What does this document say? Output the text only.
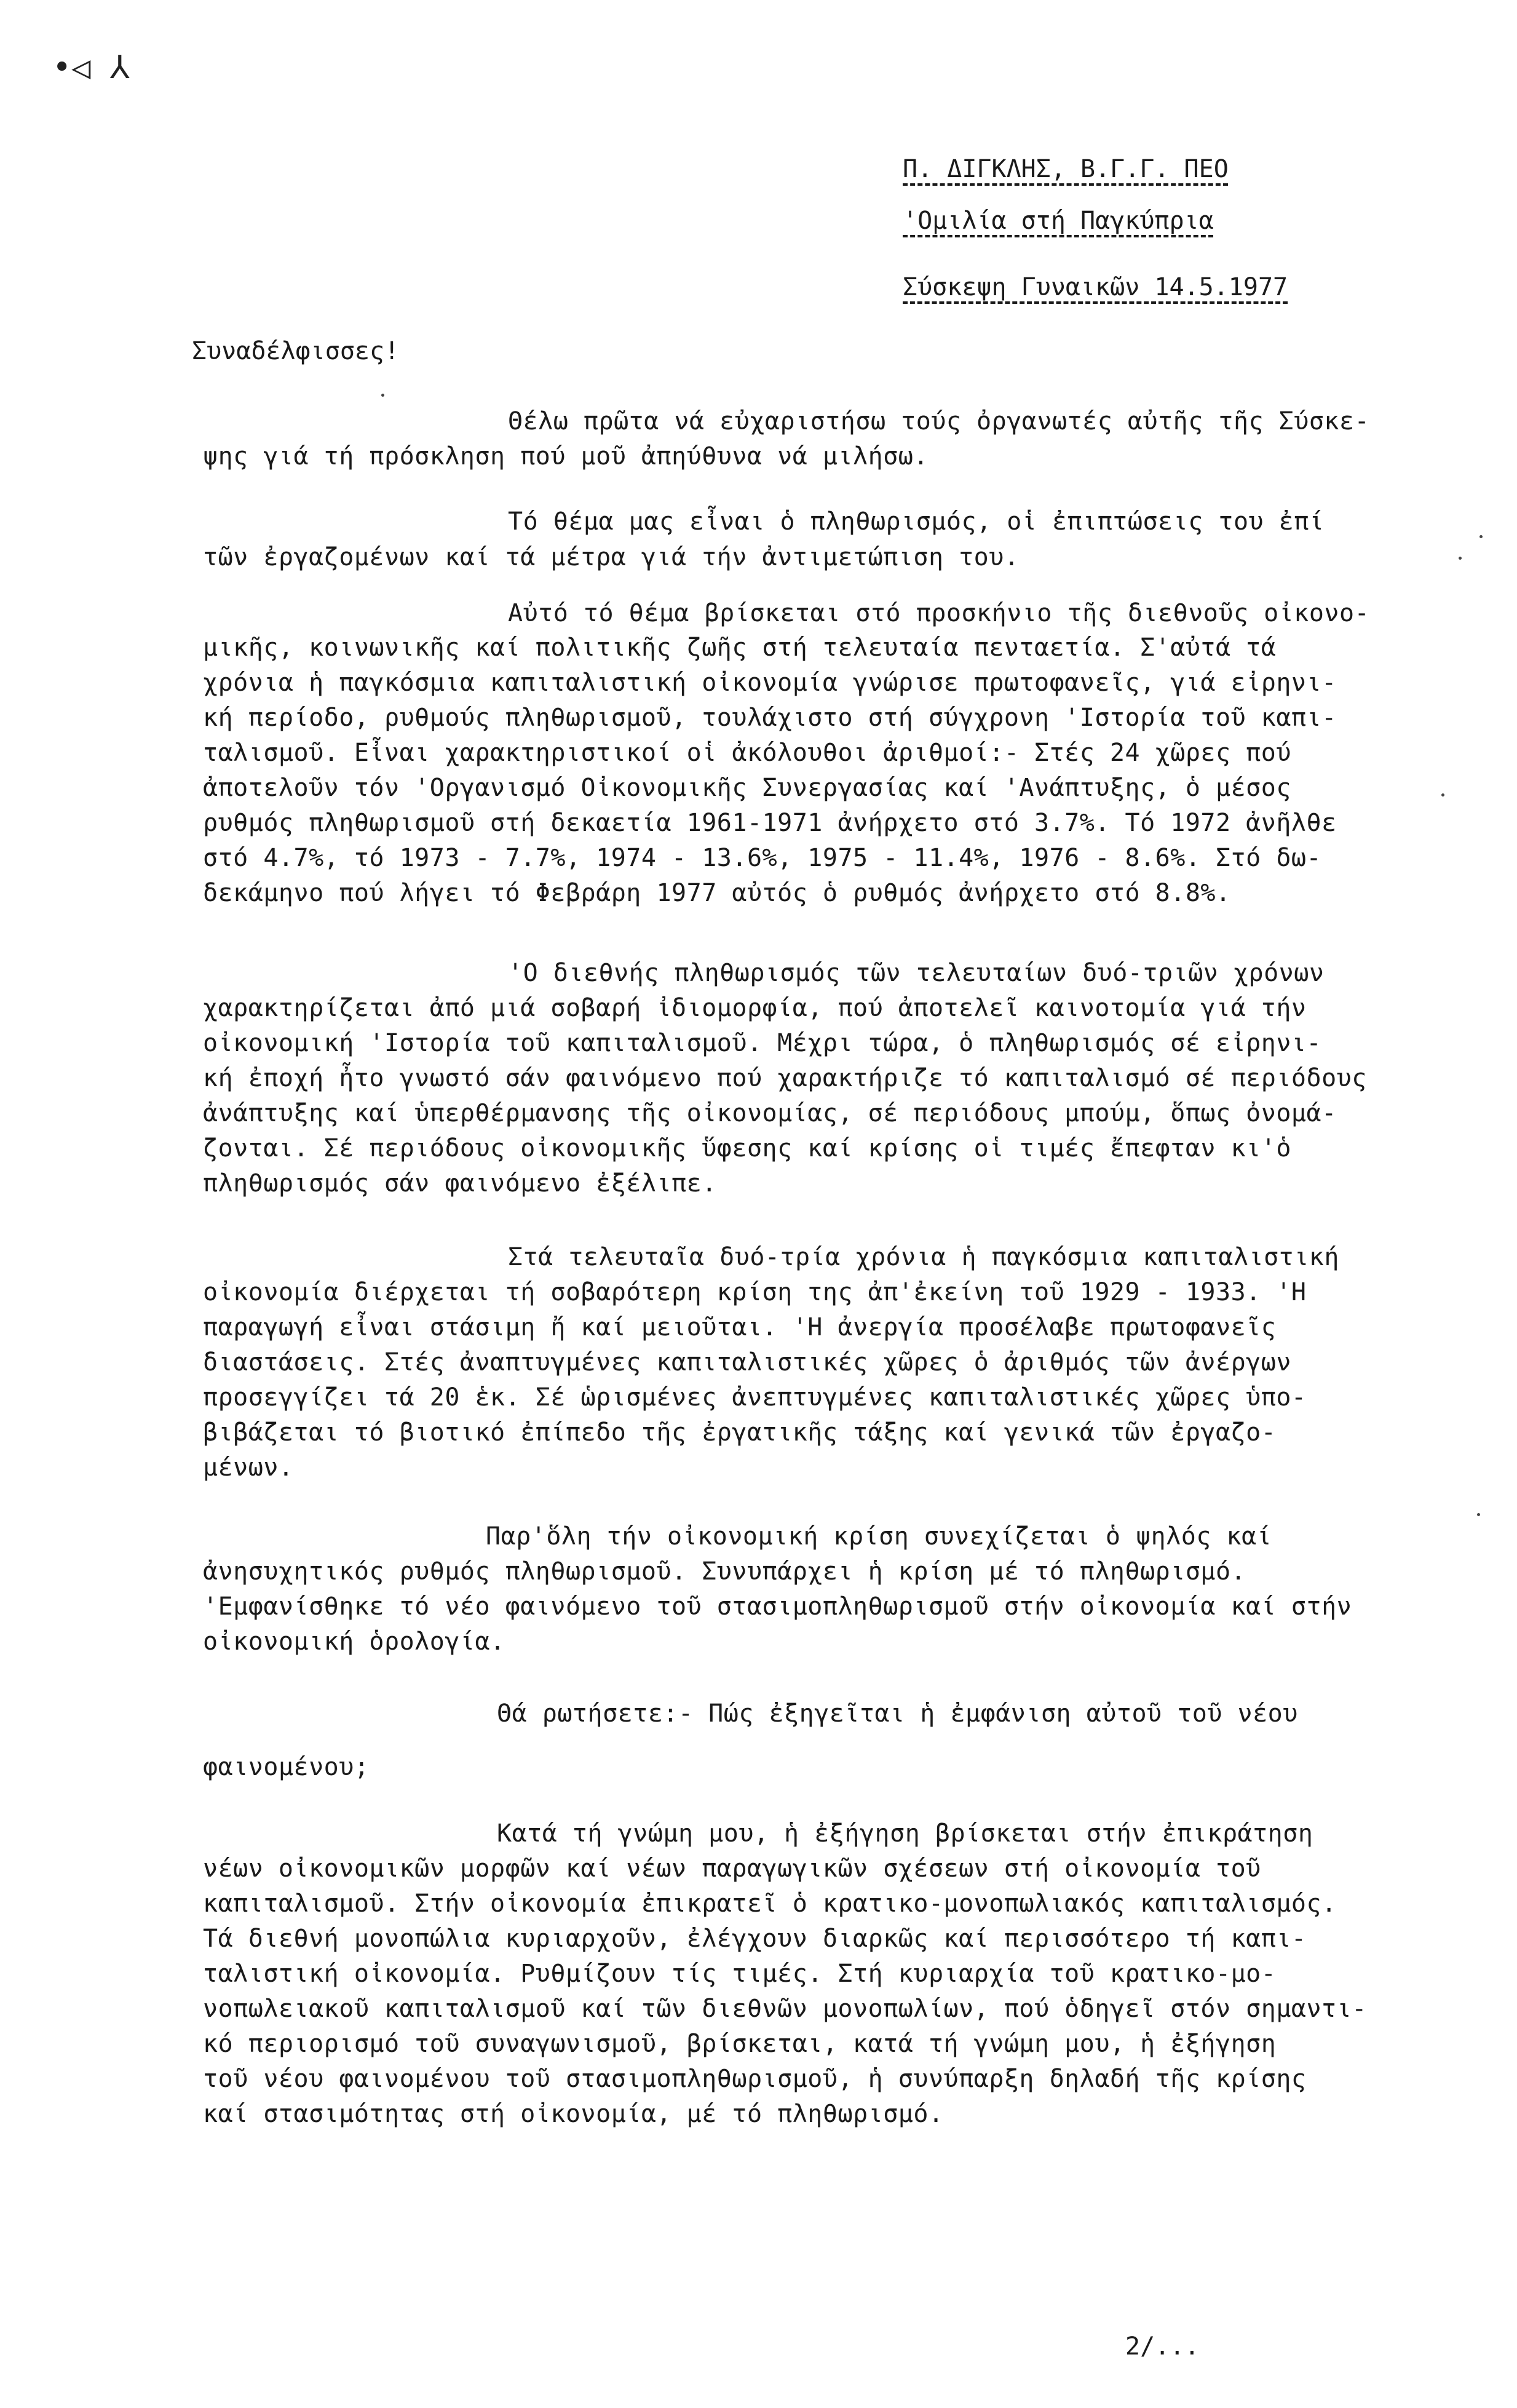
•◁ ⅄
Π. ΔΙΓΚΛΗΣ, Β.Γ.Γ. ΠΕΟ
'Ομιλία στή Παγκύπρια
Σύσκεψη Γυναικῶν 14.5.1977
Συναδέλφισσες!
Θέλω πρῶτα νά εὐχαριστήσω τούς ὀργανωτές αὐτῆς τῆς Σύσκε-
ψης γιά τή πρόσκληση πού μοῦ ἀπηύθυνα νά μιλήσω.
Τό θέμα μας εἶναι ὁ πληθωρισμός, οἱ ἐπιπτώσεις του ἐπί
τῶν ἐργαζομένων καί τά μέτρα γιά τήν ἀντιμετώπιση του.
Αὐτό τό θέμα βρίσκεται στό προσκήνιο τῆς διεθνοῦς οἰκονο-
μικῆς, κοινωνικῆς καί πολιτικῆς ζωῆς στή τελευταία πενταετία. Σ'αὐτά τά
χρόνια ἡ παγκόσμια καπιταλιστική οἰκονομία γνώρισε πρωτοφανεῖς, γιά εἰρηνι-
κή περίοδο, ρυθμούς πληθωρισμοῦ, τουλάχιστο στή σύγχρονη 'Ιστορία τοῦ καπι-
ταλισμοῦ. Εἶναι χαρακτηριστικοί οἱ ἀκόλουθοι ἀριθμοί:- Στές 24 χῶρες πού
ἀποτελοῦν τόν 'Οργανισμό Οἰκονομικῆς Συνεργασίας καί 'Ανάπτυξης, ὁ μέσος
ρυθμός πληθωρισμοῦ στή δεκαετία 1961-1971 ἀνήρχετο στό 3.7%. Τό 1972 ἀνῆλθε
στό 4.7%, τό 1973 - 7.7%, 1974 - 13.6%, 1975 - 11.4%, 1976 - 8.6%. Στό δω-
δεκάμηνο πού λήγει τό Φεβράρη 1977 αὐτός ὁ ρυθμός ἀνήρχετο στό 8.8%.
'Ο διεθνής πληθωρισμός τῶν τελευταίων δυό-τριῶν χρόνων
χαρακτηρίζεται ἀπό μιά σοβαρή ἰδιομορφία, πού ἀποτελεῖ καινοτομία γιά τήν
οἰκονομική 'Ιστορία τοῦ καπιταλισμοῦ. Μέχρι τώρα, ὁ πληθωρισμός σέ εἰρηνι-
κή ἐποχή ἦτο γνωστό σάν φαινόμενο πού χαρακτήριζε τό καπιταλισμό σέ περιόδους
ἀνάπτυξης καί ὑπερθέρμανσης τῆς οἰκονομίας, σέ περιόδους μπούμ, ὅπως ὀνομά-
ζονται. Σέ περιόδους οἰκονομικῆς ὕφεσης καί κρίσης οἱ τιμές ἔπεφταν κι'ὁ
πληθωρισμός σάν φαινόμενο ἐξέλιπε.
Στά τελευταῖα δυό-τρία χρόνια ἡ παγκόσμια καπιταλιστική
οἰκονομία διέρχεται τή σοβαρότερη κρίση της ἀπ'ἐκείνη τοῦ 1929 - 1933. 'Η
παραγωγή εἶναι στάσιμη ἤ καί μειοῦται. 'Η ἀνεργία προσέλαβε πρωτοφανεῖς
διαστάσεις. Στές ἀναπτυγμένες καπιταλιστικές χῶρες ὁ ἀριθμός τῶν ἀνέργων
προσεγγίζει τά 20 ἑκ. Σέ ὡρισμένες ἀνεπτυγμένες καπιταλιστικές χῶρες ὑπο-
βιβάζεται τό βιοτικό ἐπίπεδο τῆς ἐργατικῆς τάξης καί γενικά τῶν ἐργαζο-
μένων.
Παρ'ὅλη τήν οἰκονομική κρίση συνεχίζεται ὁ ψηλός καί
ἀνησυχητικός ρυθμός πληθωρισμοῦ. Συνυπάρχει ἡ κρίση μέ τό πληθωρισμό.
'Εμφανίσθηκε τό νέο φαινόμενο τοῦ στασιμοπληθωρισμοῦ στήν οἰκονομία καί στήν
οἰκονομική ὁρολογία.
Θά ρωτήσετε:- Πώς ἐξηγεῖται ἡ ἐμφάνιση αὐτοῦ τοῦ νέου
φαινομένου;
Κατά τή γνώμη μου, ἡ ἐξήγηση βρίσκεται στήν ἐπικράτηση
νέων οἰκονομικῶν μορφῶν καί νέων παραγωγικῶν σχέσεων στή οἰκονομία τοῦ
καπιταλισμοῦ. Στήν οἰκονομία ἐπικρατεῖ ὁ κρατικο-μονοπωλιακός καπιταλισμός.
Τά διεθνή μονοπώλια κυριαρχοῦν, ἐλέγχουν διαρκῶς καί περισσότερο τή καπι-
ταλιστική οἰκονομία. Ρυθμίζουν τίς τιμές. Στή κυριαρχία τοῦ κρατικο-μο-
νοπωλειακοῦ καπιταλισμοῦ καί τῶν διεθνῶν μονοπωλίων, πού ὁδηγεῖ στόν σημαντι-
κό περιορισμό τοῦ συναγωνισμοῦ, βρίσκεται, κατά τή γνώμη μου, ἡ ἐξήγηση
τοῦ νέου φαινομένου τοῦ στασιμοπληθωρισμοῦ, ἡ συνύπαρξη δηλαδή τῆς κρίσης
καί στασιμότητας στή οἰκονομία, μέ τό πληθωρισμό.
2/...
